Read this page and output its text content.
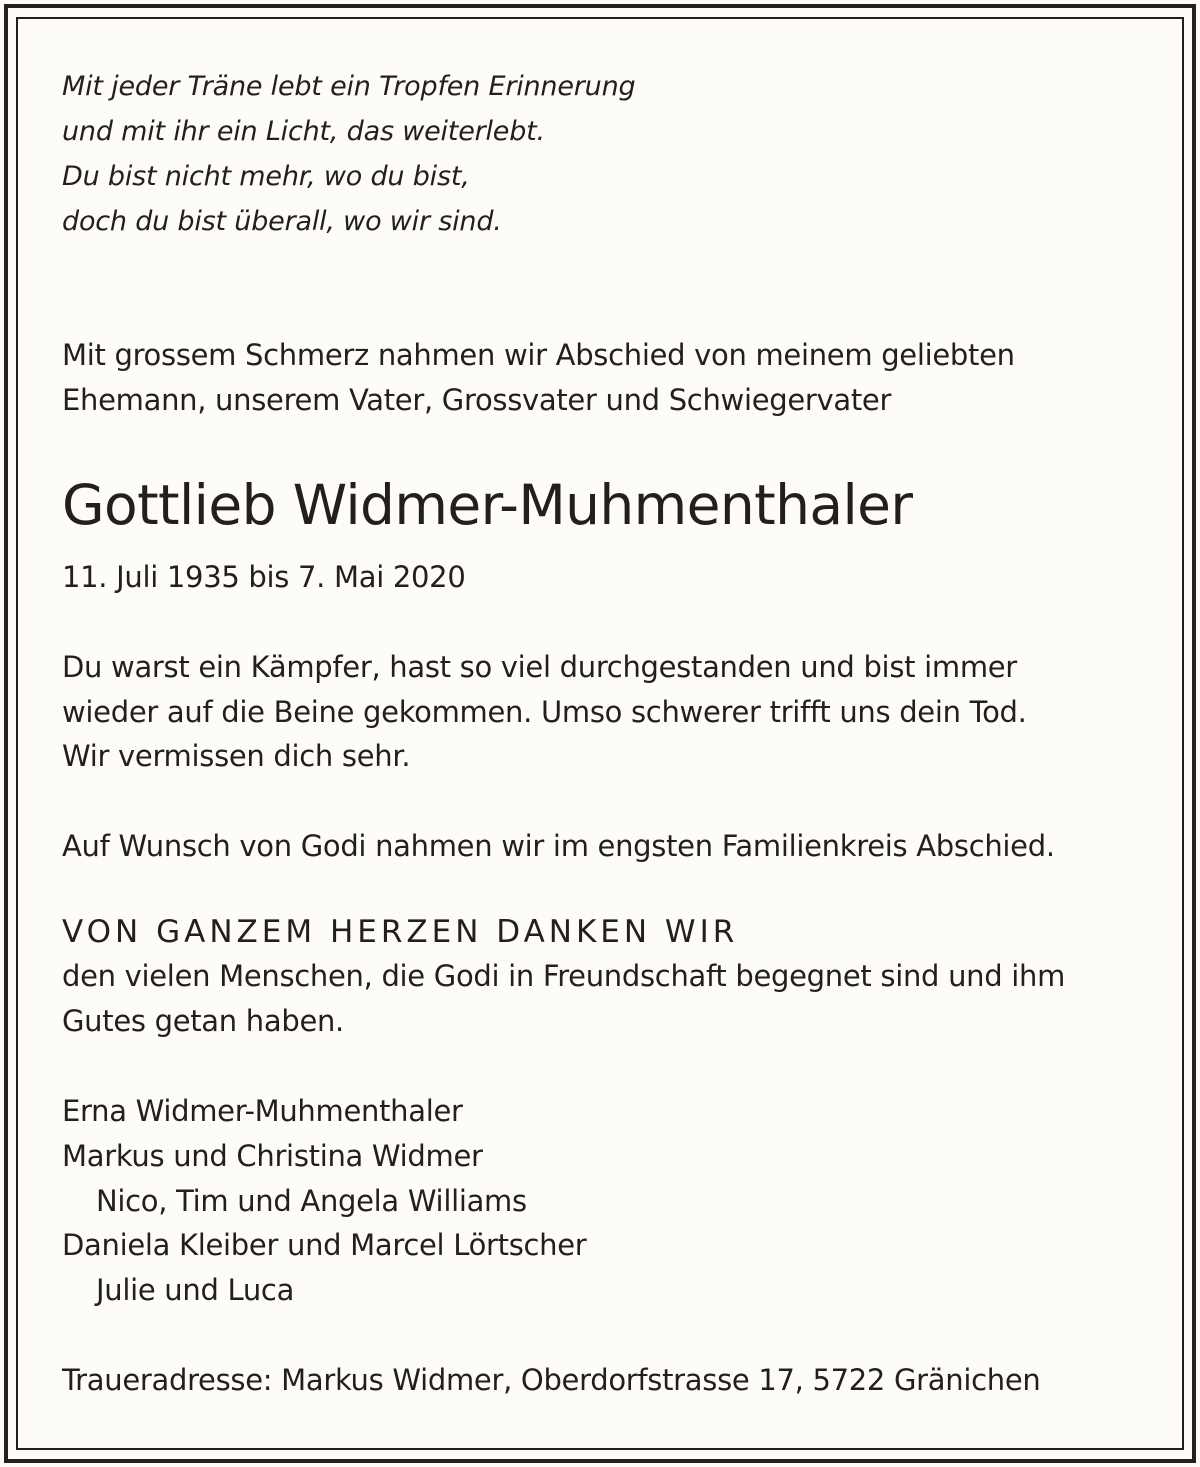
Mit jeder Träne lebt ein Tropfen Erinnerung
und mit ihr ein Licht, das weiterlebt.
Du bist nicht mehr, wo du bist,
doch du bist überall, wo wir sind.
Mit grossem Schmerz nahmen wir Abschied von meinem geliebten
Ehemann, unserem Vater, Grossvater und Schwiegervater
Gottlieb Widmer-Muhmenthaler
11. Juli 1935 bis 7. Mai 2020
Du warst ein Kämpfer, hast so viel durchgestanden und bist immer
wieder auf die Beine gekommen. Umso schwerer trifft uns dein Tod.
Wir vermissen dich sehr.
Auf Wunsch von Godi nahmen wir im engsten Familienkreis Abschied.
VON GANZEM HERZEN DANKEN WIR
den vielen Menschen, die Godi in Freundschaft begegnet sind und ihm
Gutes getan haben.
Erna Widmer-Muhmenthaler
Markus und Christina Widmer
Nico, Tim und Angela Williams
Daniela Kleiber und Marcel Lörtscher
Julie und Luca
Traueradresse: Markus Widmer, Oberdorfstrasse 17, 5722 Gränichen
